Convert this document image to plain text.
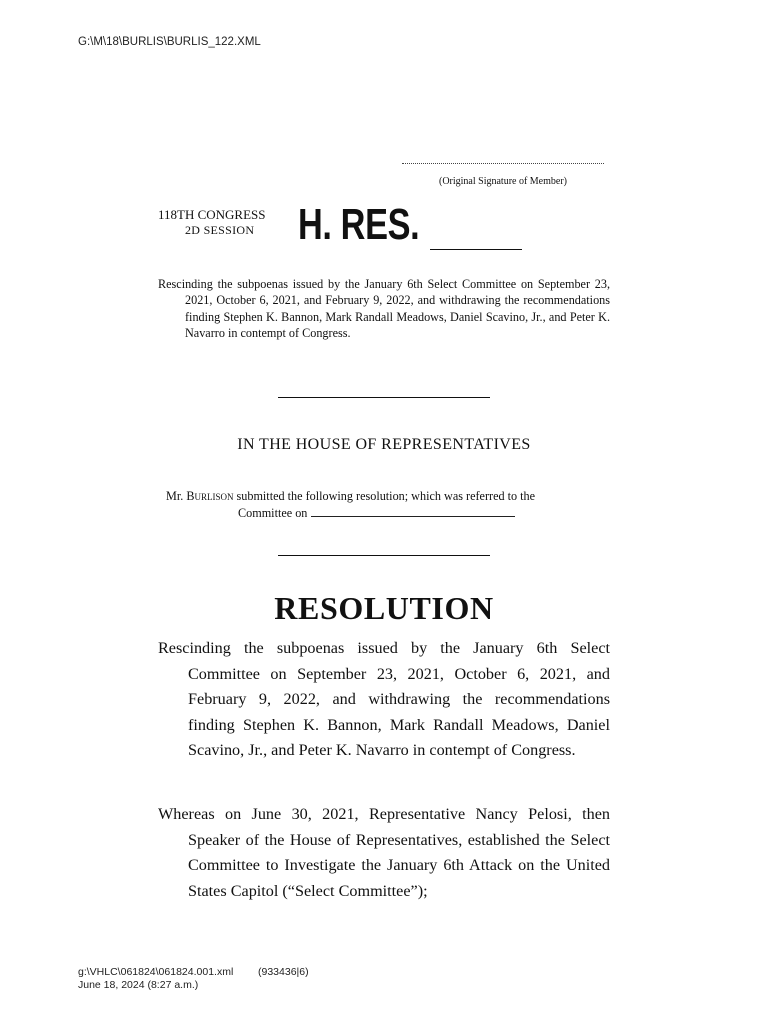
G:\M\18\BURLIS\BURLIS_122.XML
(Original Signature of Member)
118TH CONGRESS
2D SESSION H. RES.
Rescinding the subpoenas issued by the January 6th Select Committee on September 23, 2021, October 6, 2021, and February 9, 2022, and withdrawing the recommendations finding Stephen K. Bannon, Mark Randall Meadows, Daniel Scavino, Jr., and Peter K. Navarro in contempt of Congress.
IN THE HOUSE OF REPRESENTATIVES
Mr. Burlison submitted the following resolution; which was referred to the
Committee on
RESOLUTION
Rescinding the subpoenas issued by the January 6th Select Committee on September 23, 2021, October 6, 2021, and February 9, 2022, and withdrawing the recommendations finding Stephen K. Bannon, Mark Randall Meadows, Daniel Scavino, Jr., and Peter K. Navarro in contempt of Congress.
Whereas on June 30, 2021, Representative Nancy Pelosi, then Speaker of the House of Representatives, established the Select Committee to Investigate the January 6th Attack on the United States Capitol (“Select Committee”);
g:\VHLC\061824\061824.001.xml
June 18, 2024 (8:27 a.m.)
(933436|6)
